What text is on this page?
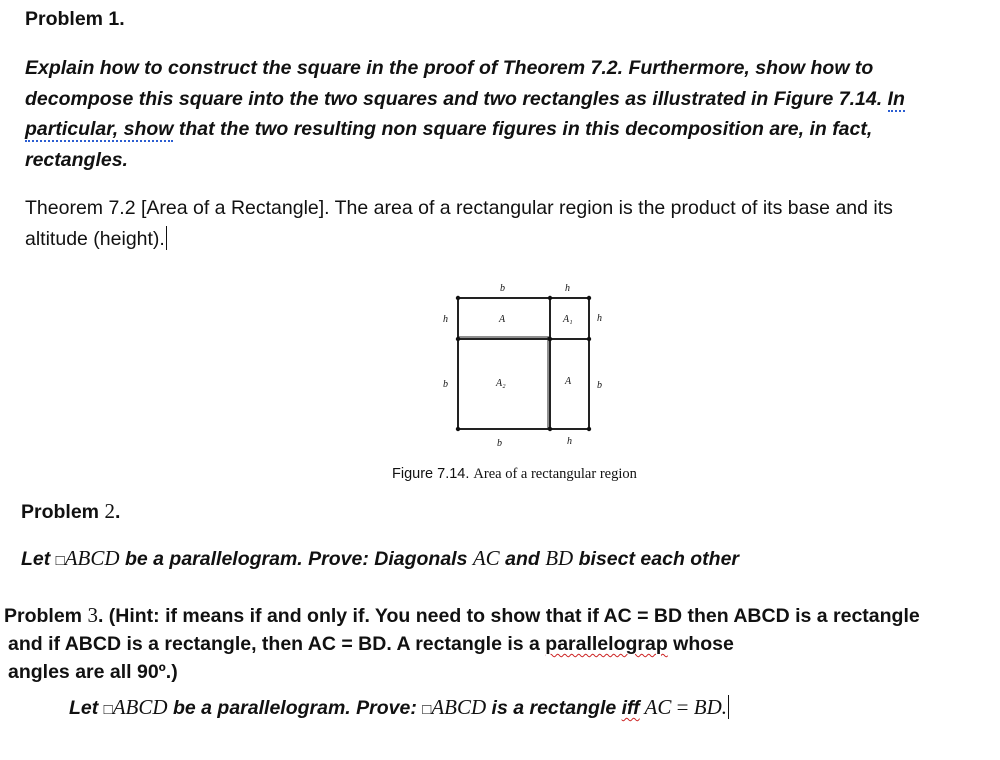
Problem 1.
Explain how to construct the square in the proof of Theorem 7.2. Furthermore, show how to
decompose this square into the two squares and two rectangles as illustrated in Figure 7.14. In
particular, show that the two resulting non square figures in this decomposition are, in fact,
rectangles.
Theorem 7.2 [Area of a Rectangle]. The area of a rectangular region is the product of its base and its
altitude (height).
b	h
h
b
h
b
b	h
A	A₁
A₂	A
Figure 7.14. Area of a rectangular region
Problem 2.
Let □ABCD be a parallelogram. Prove: Diagonals AC and BD bisect each other
Problem 3. (Hint: if means if and only if. You need to show that if AC = BD then ABCD is a rectangle
and if ABCD is a rectangle, then AC = BD. A rectangle is a parallelograp whose
angles are all 90º.)
Let □ABCD be a parallelogram. Prove: □ABCD is a rectangle iff AC = BD.
